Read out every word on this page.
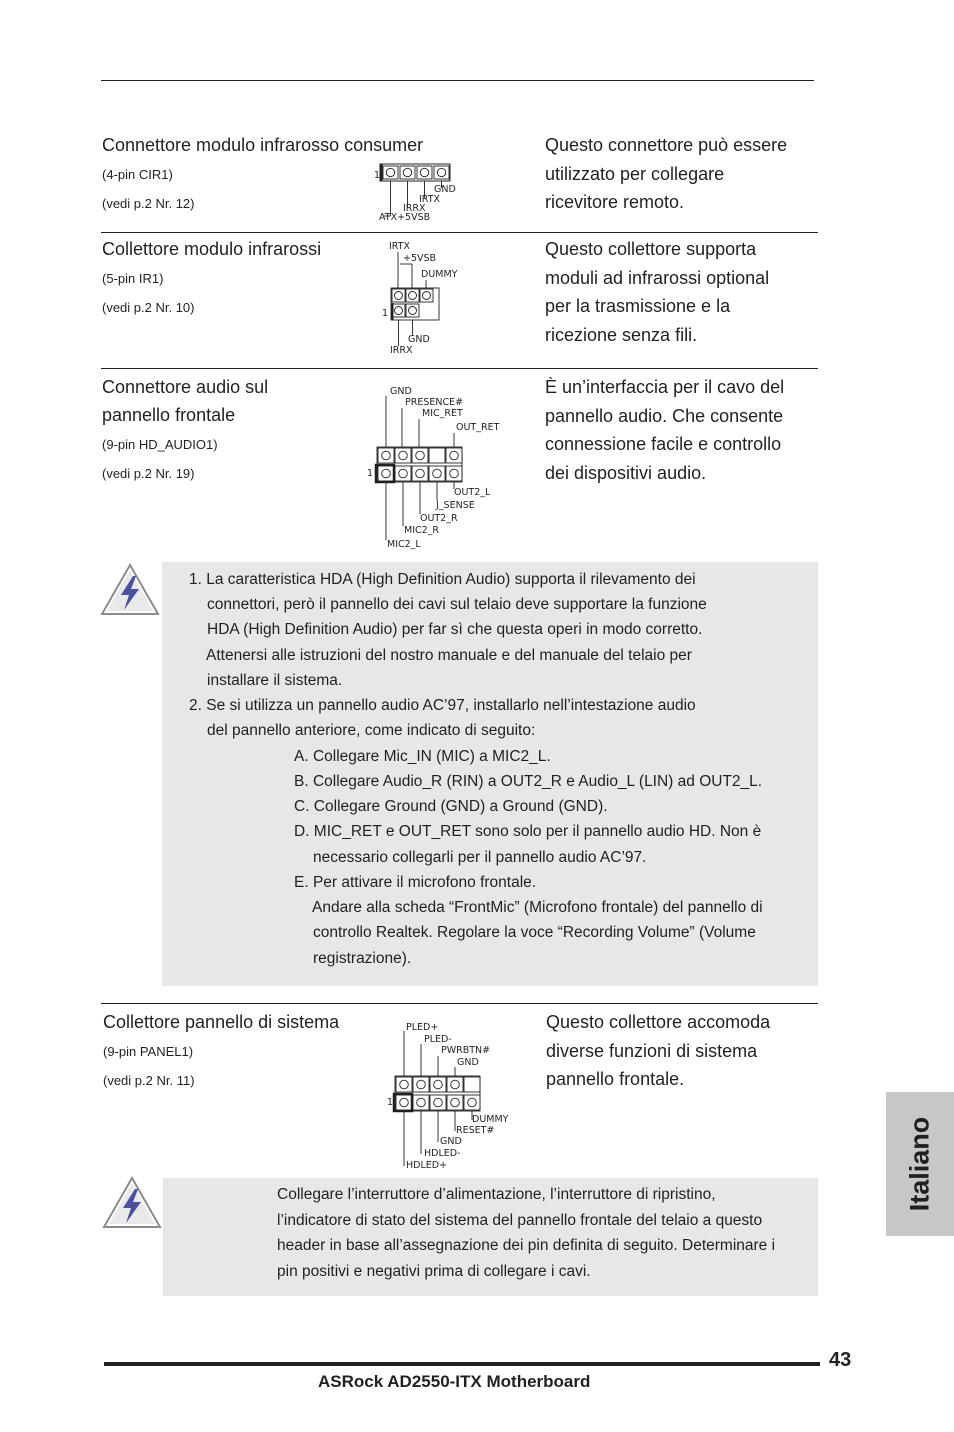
Connettore modulo infrarosso consumer
(4-pin CIR1)
(vedi p.2 Nr. 12)
Questo connettore può essere
utilizzato per collegare
ricevitore remoto.
1
GND
IRTX
IRRX
ATX+5VSB
Collettore modulo infrarossi
(5-pin IR1)
(vedi p.2 Nr. 10)
Questo collettore supporta
moduli ad infrarossi optional
per la trasmissione e la
ricezione senza fili.
IRTX
+5VSB
DUMMY
1
GND
IRRX
Connettore audio sul
pannello frontale
(9-pin HD_AUDIO1)
(vedi p.2 Nr. 19)
È un’interfaccia per il cavo del
pannello audio. Che consente
connessione facile e controllo
dei dispositivi audio.
GND
PRESENCE#
MIC_RET
OUT_RET
1
OUT2_L
J_SENSE
OUT2_R
MIC2_R
MIC2_L
1. La caratteristica HDA (High Definition Audio) supporta il rilevamento dei
connettori, però il pannello dei cavi sul telaio deve supportare la funzione
HDA (High Definition Audio) per far sì che questa operi in modo corretto.
Attenersi alle istruzioni del nostro manuale e del manuale del telaio per
installare il sistema.
2. Se si utilizza un pannello audio AC’97, installarlo nell’intestazione audio
del pannello anteriore, come indicato di seguito:
A. Collegare Mic_IN (MIC) a MIC2_L.
B. Collegare Audio_R (RIN) a OUT2_R e Audio_L (LIN) ad OUT2_L.
C. Collegare Ground (GND) a Ground (GND).
D. MIC_RET e OUT_RET sono solo per il pannello audio HD. Non è
necessario collegarli per il pannello audio AC’97.
E. Per attivare il microfono frontale.
Andare alla scheda “FrontMic” (Microfono frontale) del pannello di
controllo Realtek. Regolare la voce “Recording Volume” (Volume
registrazione).
Collettore pannello di sistema
(9-pin PANEL1)
(vedi p.2 Nr. 11)
Questo collettore accomoda
diverse funzioni di sistema
pannello frontale.
PLED+
PLED-
PWRBTN#
GND
1
DUMMY
RESET#
GND
HDLED-
HDLED+
Collegare l’interruttore d’alimentazione, l’interruttore di ripristino,
l’indicatore di stato del sistema del pannello frontale del telaio a questo
header in base all’assegnazione dei pin definita di seguito. Determinare i
pin positivi e negativi prima di collegare i cavi.
Italiano
43
ASRock AD2550-ITX Motherboard
